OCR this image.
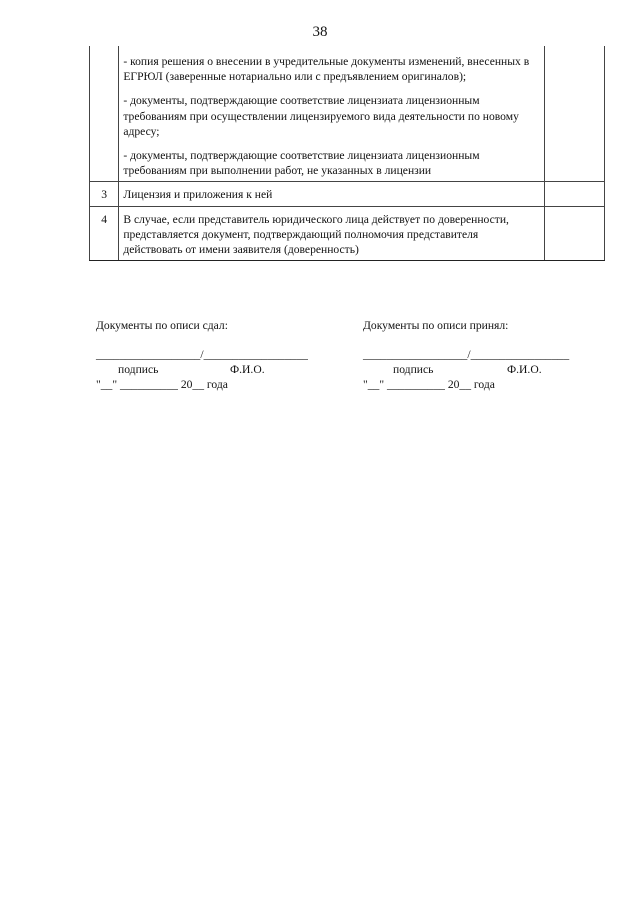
38

	- копия решения о внесении в учредительные документы изменений, внесенных в ЕГРЮЛ (заверенные нотариально или с предъявлением оригиналов);

- документы, подтверждающие соответствие лицензиата лицензионным требованиям при осуществлении лицензируемого вида деятельности по новому адресу;

- документы, подтверждающие соответствие лицензиата лицензионным требованиям при выполнении работ, не указанных в лицензии	

3	Лицензия и приложения к ней	

4	В случае, если представитель юридического лица действует по доверенности, представляется документ, подтверждающий полномочия представителя действовать от имени заявителя (доверенность)	

Документы по описи сдал:
__________________/__________________
подпись	Ф.И.О.
"__" __________ 20__ года
Документы по описи принял:
__________________/_________________
подпись	Ф.И.О.
"__" __________ 20__ года
